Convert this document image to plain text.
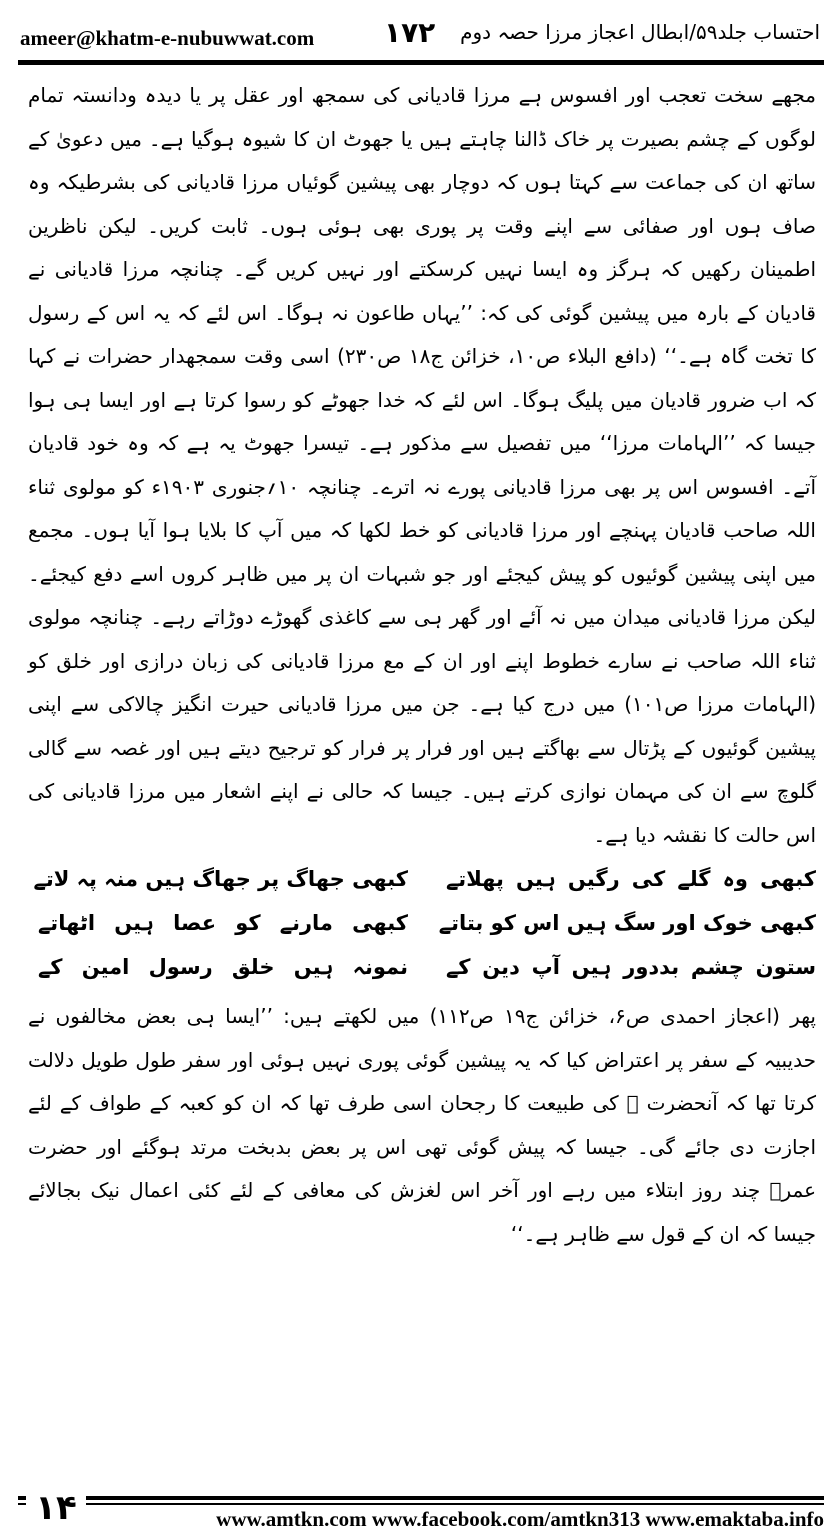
ameer@khatm-e-nubuwwat.com ۱۷۲	احتساب جلد۵۹/ابطال اعجاز مرزا حصہ دوم

مجھے سخت تعجب اور افسوس ہے مرزا قادیانی کی سمجھ اور عقل پر یا دیدہ ودانستہ تمام لوگوں کے چشم بصیرت پر خاک ڈالنا چاہتے ہیں یا جھوٹ ان کا شیوہ ہوگیا ہے۔ میں دعویٰ کے ساتھ ان کی جماعت سے کہتا ہوں کہ دوچار بھی پیشین گوئیاں مرزا قادیانی کی بشرطیکہ وہ صاف ہوں اور صفائی سے اپنے وقت پر پوری بھی ہوئی ہوں۔ ثابت کریں۔ لیکن ناظرین اطمینان رکھیں کہ ہرگز وہ ایسا نہیں کرسکتے اور نہیں کریں گے۔ چنانچہ مرزا قادیانی نے قادیان کے بارہ میں پیشین گوئی کی کہ: ’’یہاں طاعون نہ ہوگا۔ اس لئے کہ یہ اس کے رسول کا تخت گاہ ہے۔‘‘ (دافع البلاء ص۱۰، خزائن ج۱۸ ص۲۳۰) اسی وقت سمجھدار حضرات نے کہا کہ اب ضرور قادیان میں پلیگ ہوگا۔ اس لئے کہ خدا جھوٹے کو رسوا کرتا ہے اور ایسا ہی ہوا جیسا کہ ’’الہامات مرزا‘‘ میں تفصیل سے مذکور ہے۔ تیسرا جھوٹ یہ ہے کہ وہ خود قادیان آتے۔ افسوس اس پر بھی مرزا قادیانی پورے نہ اترے۔ چنانچہ ۱۰؍جنوری ۱۹۰۳ء کو مولوی ثناء اللہ صاحب قادیان پہنچے اور مرزا قادیانی کو خط لکھا کہ میں آپ کا بلایا ہوا آیا ہوں۔ مجمع میں اپنی پیشین گوئیوں کو پیش کیجئے اور جو شبہات ان پر میں ظاہر کروں اسے دفع کیجئے۔ لیکن مرزا قادیانی میدان میں نہ آئے اور گھر ہی سے کاغذی گھوڑے دوڑاتے رہے۔ چنانچہ مولوی ثناء اللہ صاحب نے سارے خطوط اپنے اور ان کے مع مرزا قادیانی کی زبان درازی اور خلق کو (الہامات مرزا ص۱۰۱) میں درج کیا ہے۔ جن میں مرزا قادیانی حیرت انگیز چالاکی سے اپنی پیشین گوئیوں کے پڑتال سے بھاگتے ہیں اور فرار پر فرار کو ترجیح دیتے ہیں اور غصہ سے گالی گلوچ سے ان کی مہمان نوازی کرتے ہیں۔ جیسا کہ حالی نے اپنے اشعار میں مرزا قادیانی کی اس حالت کا نقشہ دیا ہے۔

کبھی وہ گلے کی رگیں ہیں پھلاتے
کبھی جھاگ پر جھاگ ہیں منہ پہ لاتے
کبھی خوک اور سگ ہیں اس کو بتاتے
کبھی مارنے کو عصا ہیں اٹھاتے
ستون چشم بددور ہیں آپ دین کے
نمونہ ہیں خلق رسول امین کے

پھر (اعجاز احمدی ص۶، خزائن ج۱۹ ص۱۱۲) میں لکھتے ہیں: ’’ایسا ہی بعض مخالفوں نے حدیبیہ کے سفر پر اعتراض کیا کہ یہ پیشین گوئی پوری نہیں ہوئی اور سفر طول طویل دلالت کرتا تھا کہ آنحضرت ﷺ کی طبیعت کا رجحان اسی طرف تھا کہ ان کو کعبہ کے طواف کے لئے اجازت دی جائے گی۔ جیسا کہ پیش گوئی تھی اس پر بعض بدبخت مرتد ہوگئے اور حضرت عمرؓ چند روز ابتلاء میں رہے اور آخر اس لغزش کی معافی کے لئے کئی اعمال نیک بجالائے جیسا کہ ان کے قول سے ظاہر ہے۔‘‘

۱۴	www.amtkn.com www.facebook.com/amtkn313 www.emaktaba.info
